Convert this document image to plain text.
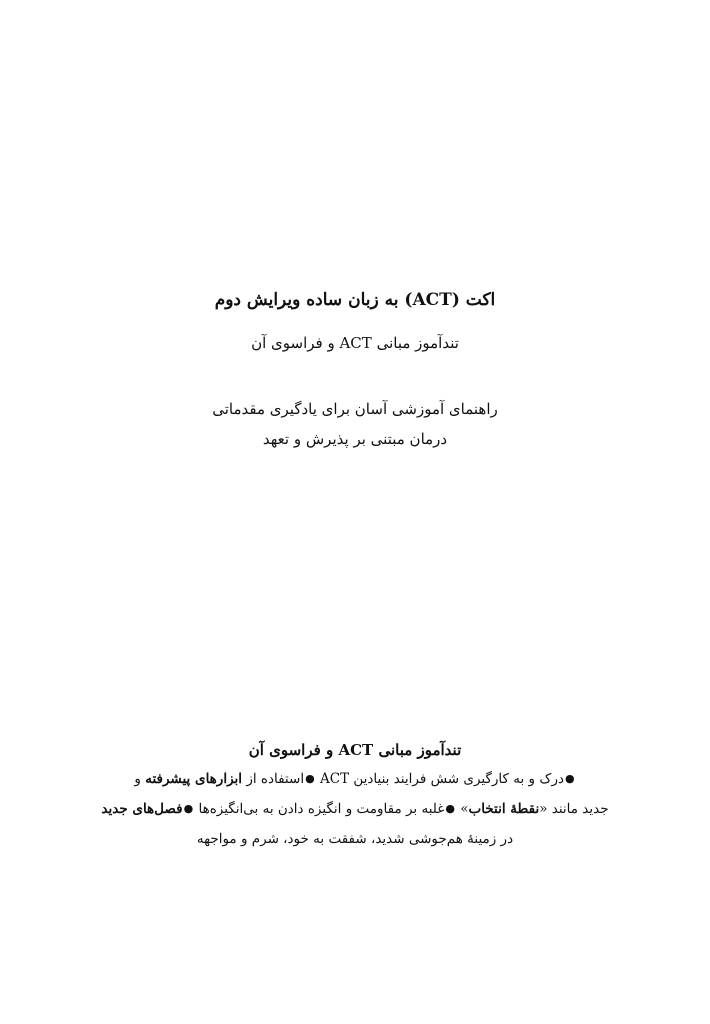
اکت (ACT) به زبان ساده ویرایش دوم
تندآموز مبانی ACT و فراسوی آن
راهنمای آموزشی آسان برای یادگیری مقدماتی
درمان مبتنی بر پذیرش و تعهد
تندآموز مبانی ACT و فراسوی آن
●درک و به کارگیری شش فرایند بنیادین ACT ●استفاده از ابزارهای پیشرفته و
جدید مانند «نقطهٔ انتخاب» ●غلبه بر مقاومت و انگیزه دادن به بی‌انگیزه‌ها ●فصل‌های جدید
در زمینهٔ هم‌جوشی شدید، شفقت به خود، شرم و مواجهه
